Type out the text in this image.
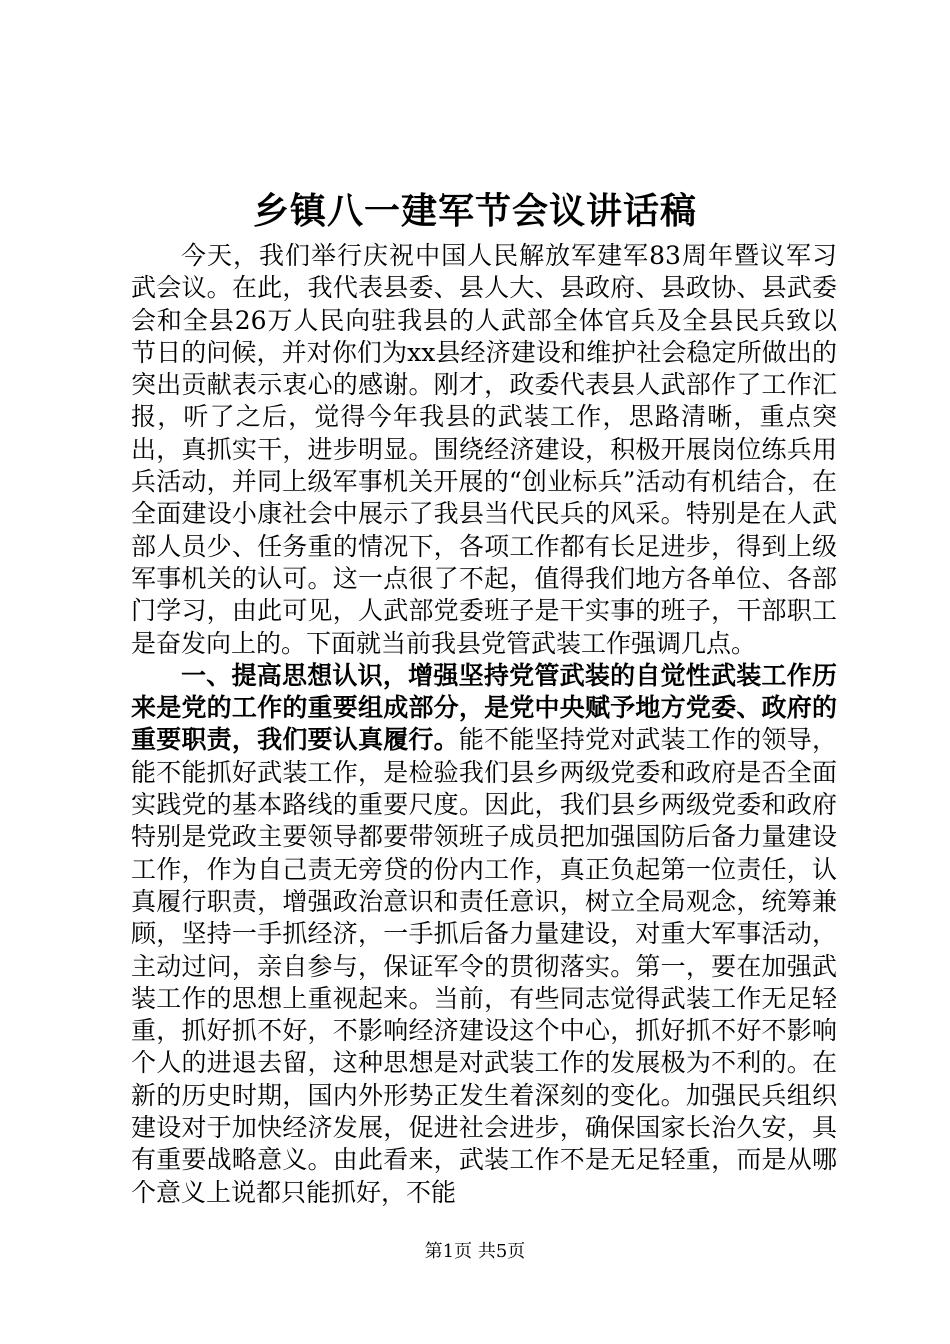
乡镇八一建军节会议讲话稿

今天，我们举行庆祝中国人民解放军建军83周年暨议军习武会议。在此，我代表县委、县人大、县政府、县政协、县武委会和全县26万人民向驻我县的人武部全体官兵及全县民兵致以节日的问候，并对你们为xx县经济建设和维护社会稳定所做出的突出贡献表示衷心的感谢。刚才，政委代表县人武部作了工作汇报，听了之后，觉得今年我县的武装工作，思路清晰，重点突出，真抓实干，进步明显。围绕经济建设，积极开展岗位练兵用兵活动，并同上级军事机关开展的“创业标兵”活动有机结合，在全面建设小康社会中展示了我县当代民兵的风采。特别是在人武部人员少、任务重的情况下，各项工作都有长足进步，得到上级军事机关的认可。这一点很了不起，值得我们地方各单位、各部门学习，由此可见，人武部党委班子是干实事的班子，干部职工是奋发向上的。下面就当前我县党管武装工作强调几点。

一、提高思想认识，增强坚持党管武装的自觉性武装工作历来是党的工作的重要组成部分，是党中央赋予地方党委、政府的重要职责，我们要认真履行。能不能坚持党对武装工作的领导，能不能抓好武装工作，是检验我们县乡两级党委和政府是否全面实践党的基本路线的重要尺度。因此，我们县乡两级党委和政府特别是党政主要领导都要带领班子成员把加强国防后备力量建设工作，作为自己责无旁贷的份内工作，真正负起第一位责任，认真履行职责，增强政治意识和责任意识，树立全局观念，统筹兼顾，坚持一手抓经济，一手抓后备力量建设，对重大军事活动，主动过问，亲自参与，保证军令的贯彻落实。第一，要在加强武装工作的思想上重视起来。当前，有些同志觉得武装工作无足轻重，抓好抓不好，不影响经济建设这个中心，抓好抓不好不影响个人的进退去留，这种思想是对武装工作的发展极为不利的。在新的历史时期，国内外形势正发生着深刻的变化。加强民兵组织建设对于加快经济发展，促进社会进步，确保国家长治久安，具有重要战略意义。由此看来，武装工作不是无足轻重，而是从哪个意义上说都只能抓好，不能

第1页 共5页
